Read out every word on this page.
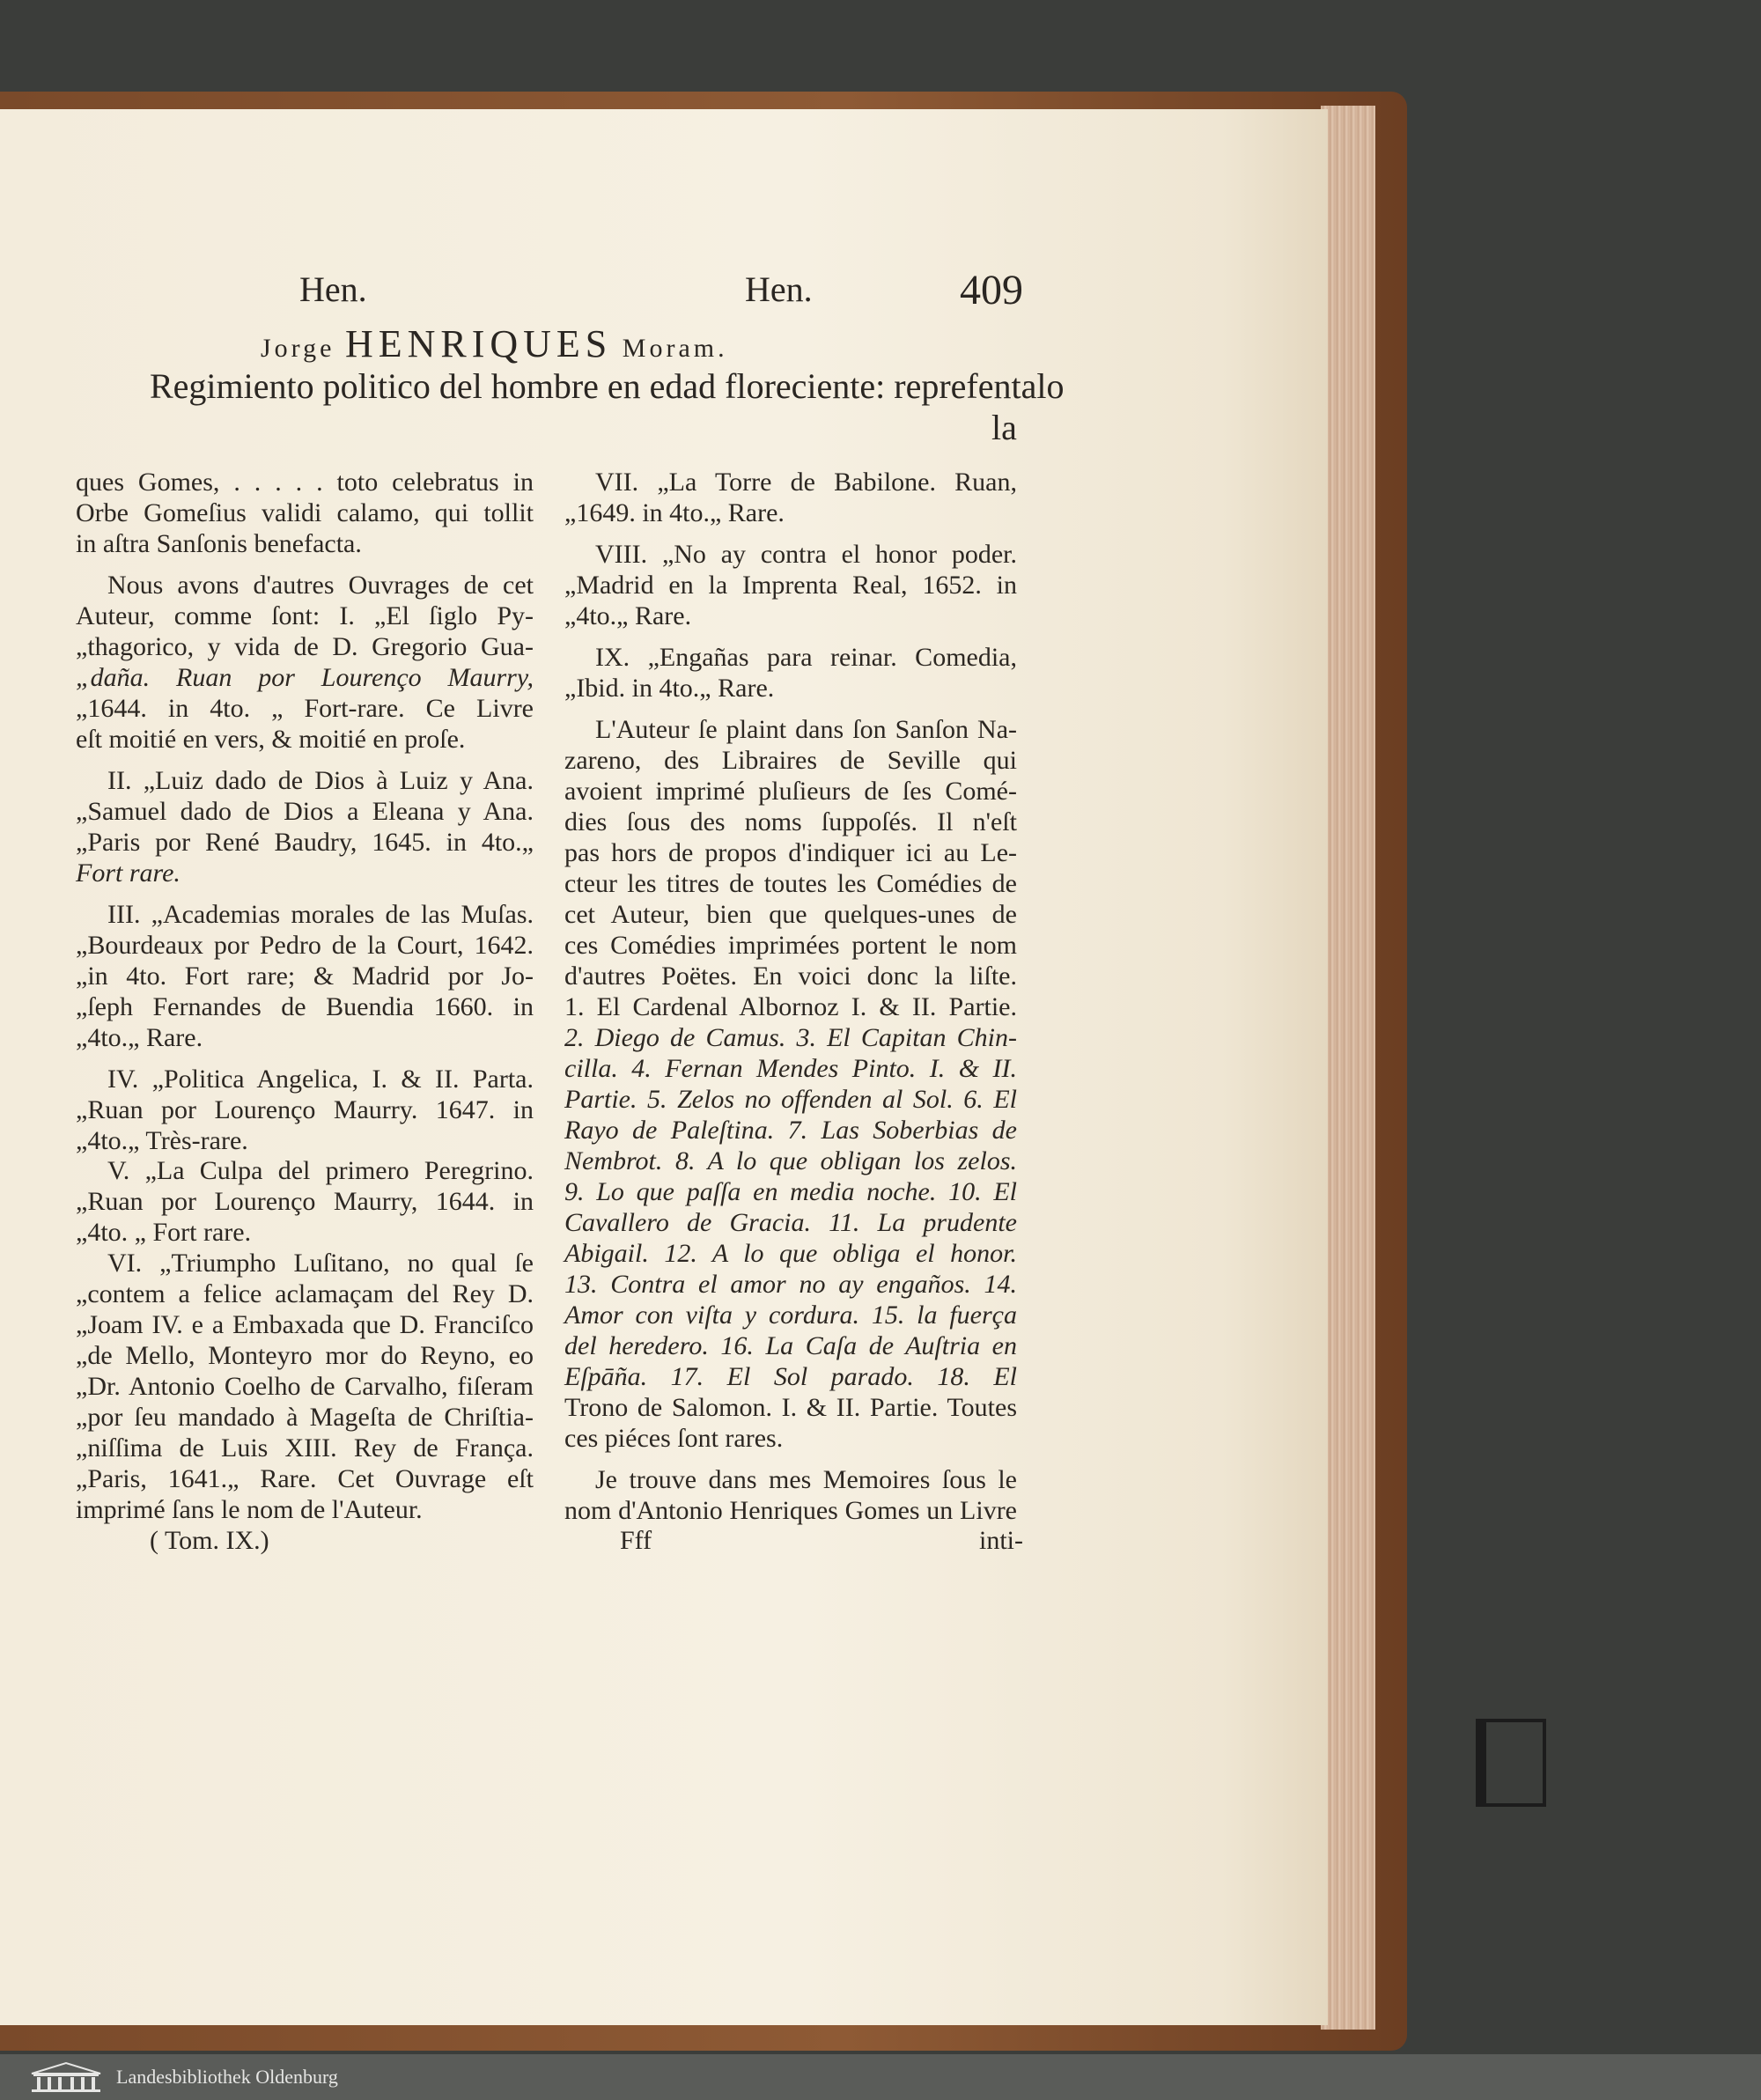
Hen.	Hen.	409
Jorge HENRIQUES Moram.
Regimiento politico del hombre en edad floreciente: reprefentalo
la
ques Gomes, . . . . . toto celebratus in
Orbe Gomeſius validi calamo, qui tollit
in aſtra Sanſonis benefacta.
Nous avons d'autres Ouvrages de cet
Auteur, comme ſont: I. „El ſiglo Py-
„thagorico, y vida de D. Gregorio Gua-
„daña. Ruan por Lourenço Maurry,
„1644. in 4to. „ Fort-rare. Ce Livre
eſt moitié en vers, & moitié en proſe.
II. „Luiz dado de Dios à Luiz y Ana.
„Samuel dado de Dios a Eleana y Ana.
„Paris por René Baudry, 1645. in 4to.„
Fort rare.
III. „Academias morales de las Muſas.
„Bourdeaux por Pedro de la Court, 1642.
„in 4to. Fort rare; & Madrid por Jo-
„ſeph Fernandes de Buendia 1660. in
„4to.„ Rare.
IV. „Politica Angelica, I. & II. Parta.
„Ruan por Lourenço Maurry. 1647. in
„4to.„ Très-rare.
V. „La Culpa del primero Peregrino.
„Ruan por Lourenço Maurry, 1644. in
„4to. „ Fort rare.
VI. „Triumpho Luſitano, no qual ſe
„contem a felice aclamaçam del Rey D.
„Joam IV. e a Embaxada que D. Franciſco
„de Mello, Monteyro mor do Reyno, eo
„Dr. Antonio Coelho de Carvalho, fiſeram
„por ſeu mandado à Mageſta de Chriſtia-
„niſſima de Luis XIII. Rey de França.
„Paris, 1641.„ Rare. Cet Ouvrage eſt
imprimé ſans le nom de l'Auteur.
( Tom. IX.)
VII. „La Torre de Babilone. Ruan,
„1649. in 4to.„ Rare.
VIII. „No ay contra el honor poder.
„Madrid en la Imprenta Real, 1652. in
„4to.„ Rare.
IX. „Engañas para reinar. Comedia,
„Ibid. in 4to.„ Rare.
L'Auteur ſe plaint dans ſon Sanſon Na-
zareno, des Libraires de Seville qui
avoient imprimé pluſieurs de ſes Comé-
dies ſous des noms ſuppoſés. Il n'eſt
pas hors de propos d'indiquer ici au Le-
cteur les titres de toutes les Comédies de
cet Auteur, bien que quelques-unes de
ces Comédies imprimées portent le nom
d'autres Poëtes. En voici donc la liſte.
1. El Cardenal Albornoz I. & II. Partie.
2. Diego de Camus. 3. El Capitan Chin-
cilla. 4. Fernan Mendes Pinto. I. & II.
Partie. 5. Zelos no offenden al Sol. 6. El
Rayo de Paleſtina. 7. Las Soberbias de
Nembrot. 8. A lo que obligan los zelos.
9. Lo que paſſa en media noche. 10. El
Cavallero de Gracia. 11. La prudente
Abigail. 12. A lo que obliga el honor.
13. Contra el amor no ay engaños. 14.
Amor con viſta y cordura. 15. la fuerça
del heredero. 16. La Caſa de Auſtria en
Eſpāña. 17. El Sol parado. 18. El
Trono de Salomon. I. & II. Partie. Toutes
ces piéces ſont rares.
Je trouve dans mes Memoires ſous le
nom d'Antonio Henriques Gomes un Livre
Fff	inti-
Landesbibliothek Oldenburg
